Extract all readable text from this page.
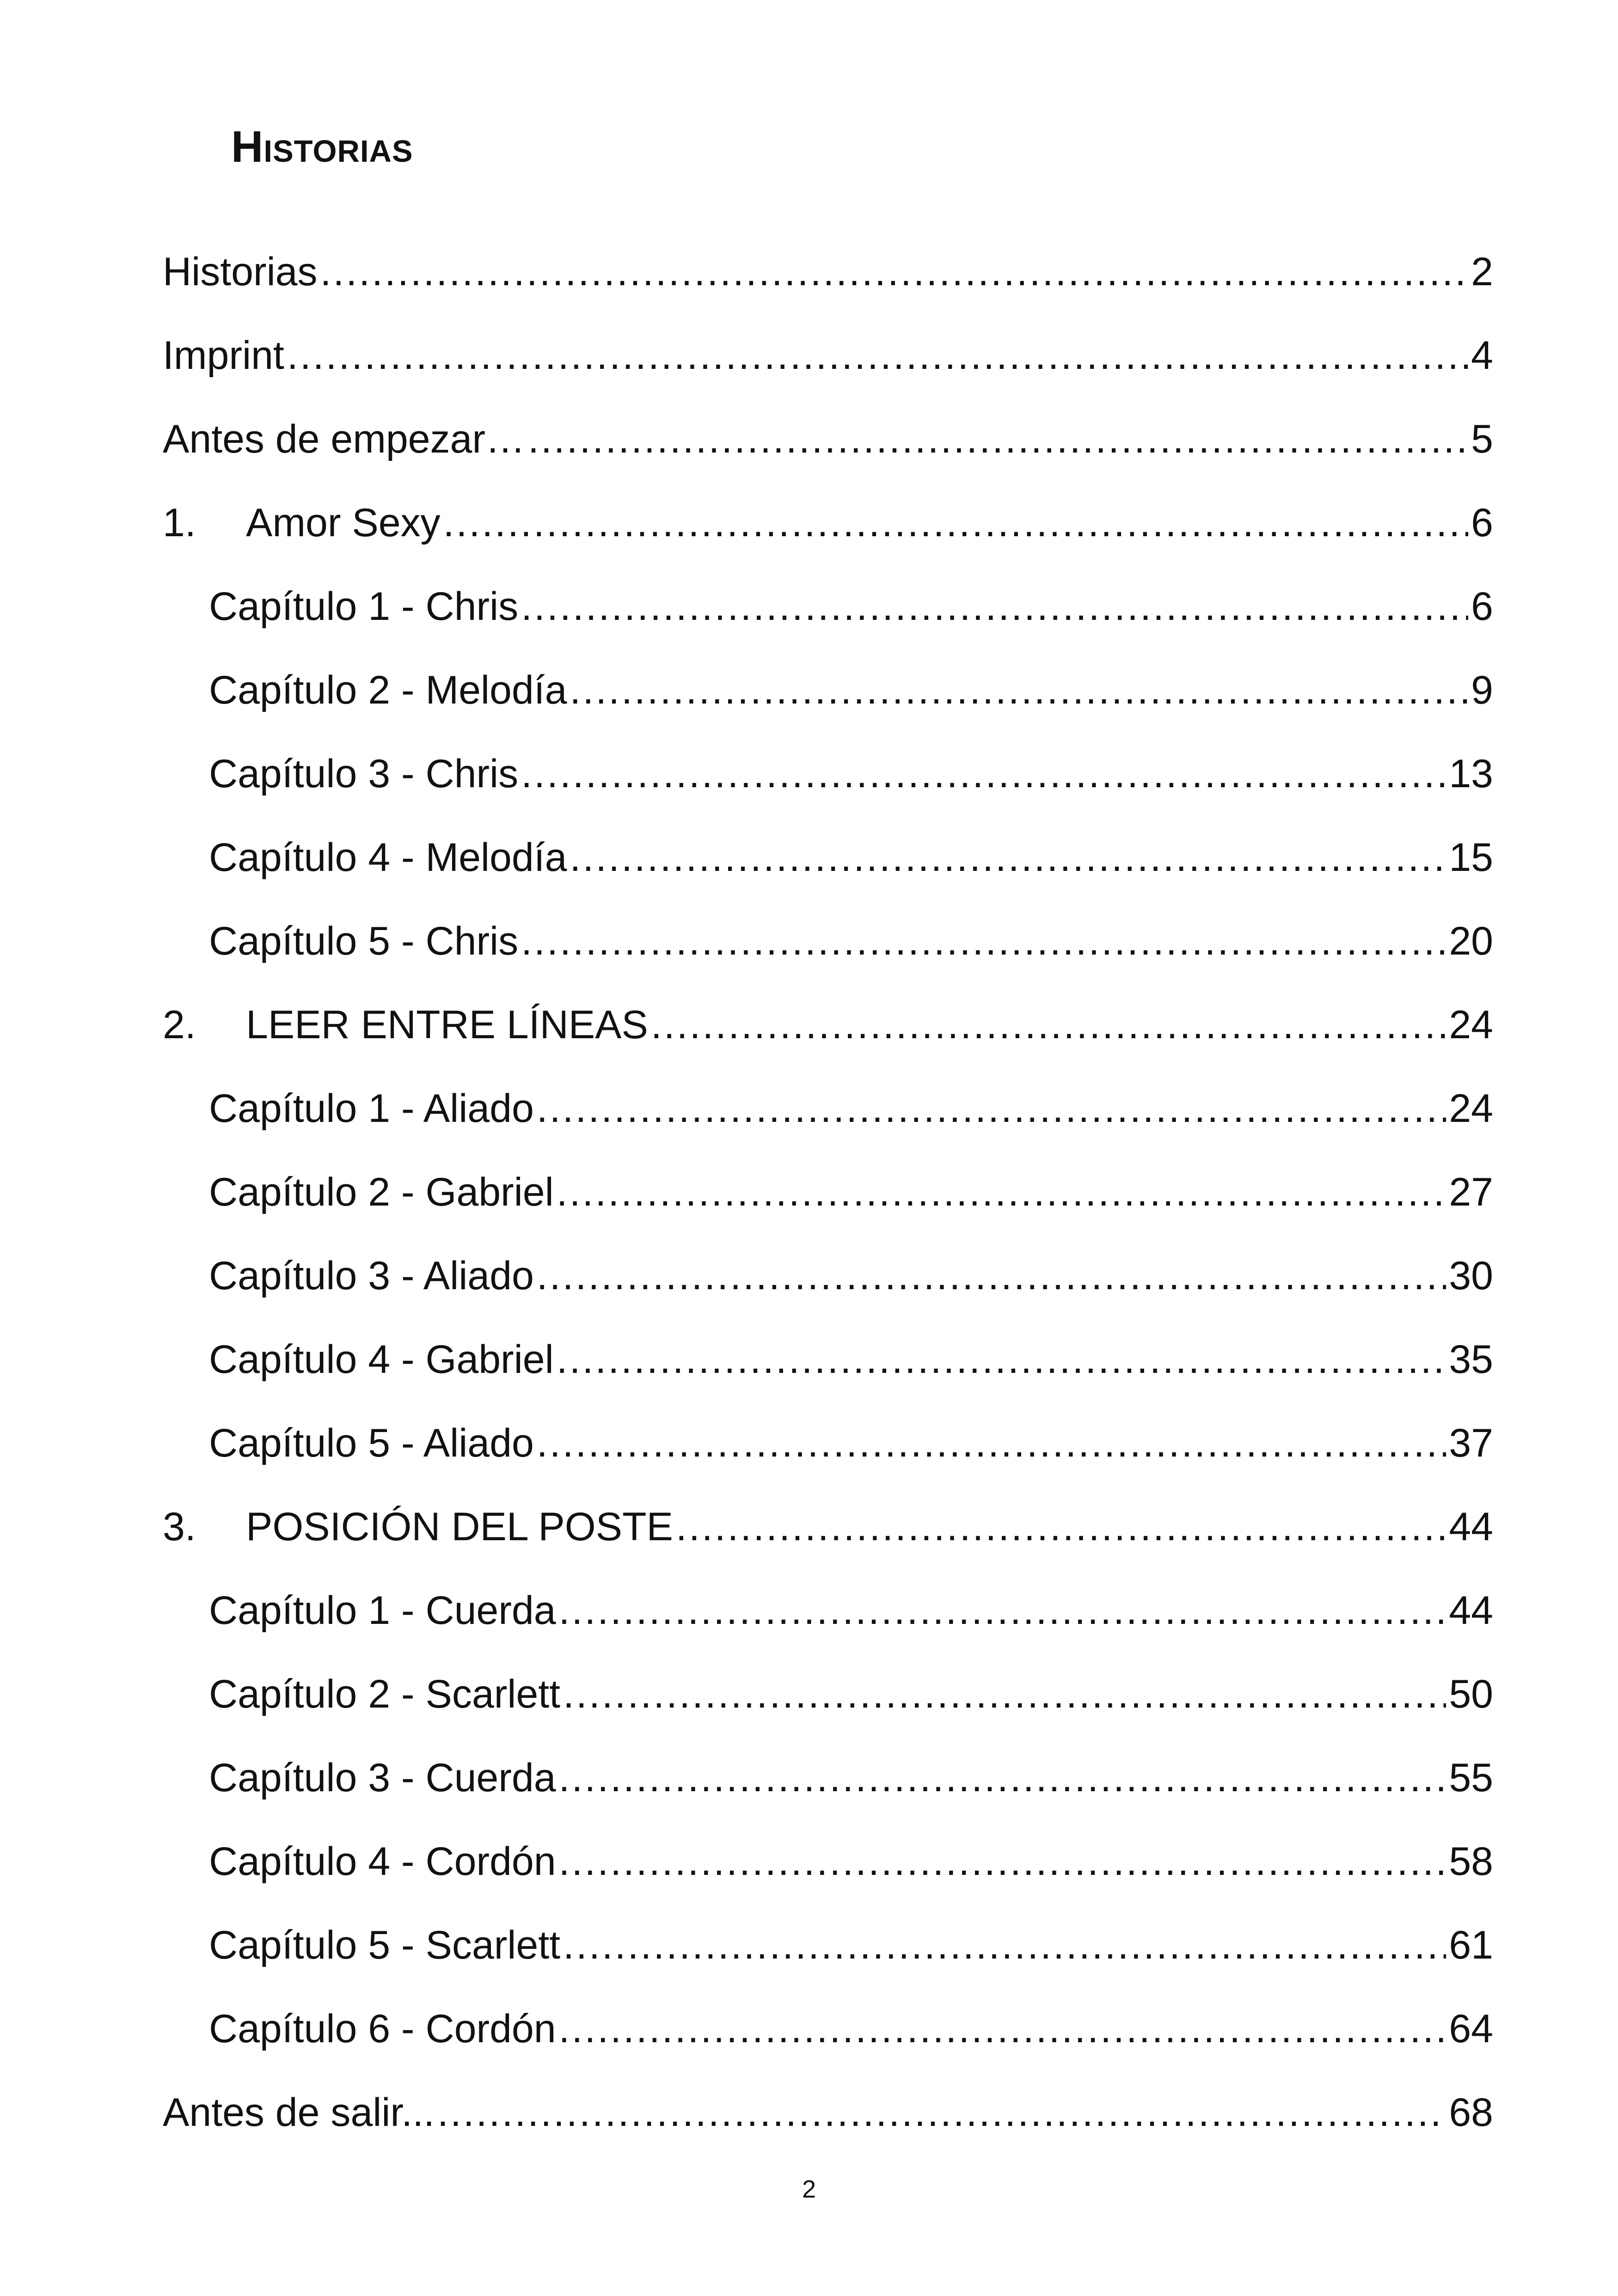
Historias
Historias .....	2
Imprint .....	4
Antes de empezar… .....	5
1.	Amor Sexy .....	6
Capítulo 1 - Chris .....	6
Capítulo 2 - Melodía .....	9
Capítulo 3 - Chris .....	13
Capítulo 4 - Melodía .....	15
Capítulo 5 - Chris .....	20
2.	LEER ENTRE LÍNEAS .....	24
Capítulo 1 - Aliado .....	24
Capítulo 2 - Gabriel .....	27
Capítulo 3 - Aliado .....	30
Capítulo 4 - Gabriel .....	35
Capítulo 5 - Aliado .....	37
3.	POSICIÓN DEL POSTE .....	44
Capítulo 1 - Cuerda .....	44
Capítulo 2 - Scarlett .....	50
Capítulo 3 - Cuerda .....	55
Capítulo 4 - Cordón .....	58
Capítulo 5 - Scarlett .....	61
Capítulo 6 - Cordón .....	64
Antes de salir... .....	68
2
